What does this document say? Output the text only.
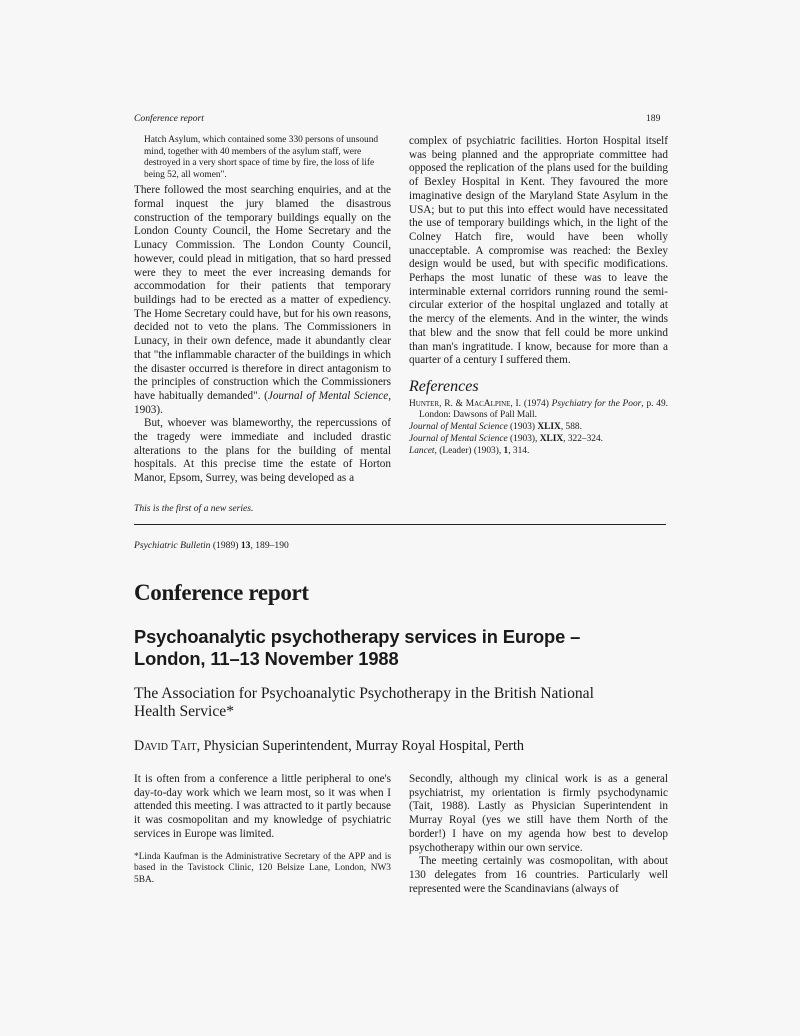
Conference report	189

Hatch Asylum, which contained some 330 persons of unsound mind, together with 40 members of the asylum staff, were destroyed in a very short space of time by fire, the loss of life being 52, all women".

There followed the most searching enquiries, and at the formal inquest the jury blamed the disastrous construction of the temporary buildings equally on the London County Council, the Home Secretary and the Lunacy Commission. The London County Council, however, could plead in mitigation, that so hard pressed were they to meet the ever increasing demands for accommodation for their patients that temporary buildings had to be erected as a matter of expediency. The Home Secretary could have, but for his own reasons, decided not to veto the plans. The Commissioners in Lunacy, in their own defence, made it abundantly clear that "the inflammable character of the buildings in which the disaster occurred is therefore in direct antagonism to the principles of construction which the Commissioners have habitually demanded". (Journal of Mental Science, 1903).

But, whoever was blameworthy, the repercussions of the tragedy were immediate and included drastic alterations to the plans for the building of mental hospitals. At this precise time the estate of Horton Manor, Epsom, Surrey, was being developed as a

complex of psychiatric facilities. Horton Hospital itself was being planned and the appropriate committee had opposed the replication of the plans used for the building of Bexley Hospital in Kent. They favoured the more imaginative design of the Maryland State Asylum in the USA; but to put this into effect would have necessitated the use of temporary buildings which, in the light of the Colney Hatch fire, would have been wholly unacceptable. A compromise was reached: the Bexley design would be used, but with specific modifications. Perhaps the most lunatic of these was to leave the interminable external corridors running round the semi-circular exterior of the hospital unglazed and totally at the mercy of the elements. And in the winter, the winds that blew and the snow that fell could be more unkind than man's ingratitude. I know, because for more than a quarter of a century I suffered them.

References
Hunter, R. & MacAlpine, I. (1974) Psychiatry for the Poor, p. 49. London: Dawsons of Pall Mall.
Journal of Mental Science (1903) XLIX, 588.
Journal of Mental Science (1903), XLIX, 322–324.
Lancet, (Leader) (1903), 1, 314.
This is the first of a new series.
Psychiatric Bulletin (1989) 13, 189–190
Conference report
Psychoanalytic psychotherapy services in Europe –
London, 11–13 November 1988
The Association for Psychoanalytic Psychotherapy in the British National
Health Service*
David Tait, Physician Superintendent, Murray Royal Hospital, Perth

It is often from a conference a little peripheral to one's day-to-day work which we learn most, so it was when I attended this meeting. I was attracted to it partly because it was cosmopolitan and my knowledge of psychiatric services in Europe was limited.

*Linda Kaufman is the Administrative Secretary of the APP and is based in the Tavistock Clinic, 120 Belsize Lane, London, NW3 5BA.

Secondly, although my clinical work is as a general psychiatrist, my orientation is firmly psychodynamic (Tait, 1988). Lastly as Physician Superintendent in Murray Royal (yes we still have them North of the border!) I have on my agenda how best to develop psychotherapy within our own service.

The meeting certainly was cosmopolitan, with about 130 delegates from 16 countries. Particularly well represented were the Scandinavians (always of
